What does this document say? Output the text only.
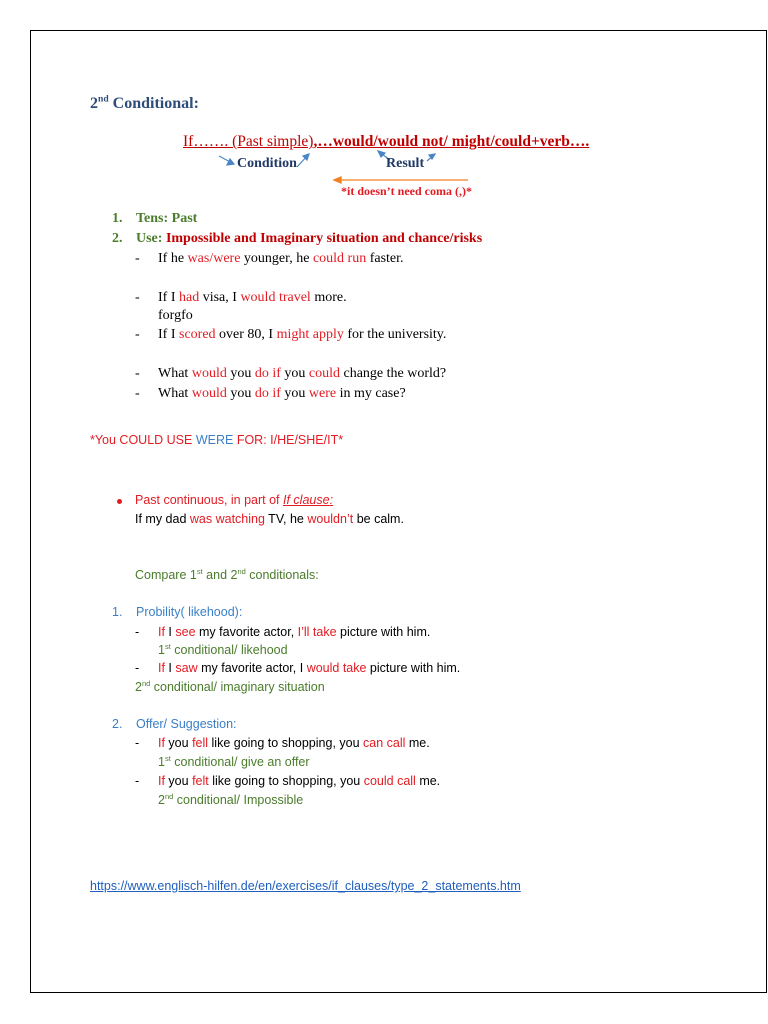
2nd Conditional:
If……. (Past simple),…would/would not/ might/could+verb….
Condition	Result
*it doesn’t need coma (,)*
1. Tens: Past
2. Use: Impossible and Imaginary situation and chance/risks
- If he was/were younger, he could run faster.
- If I had visa, I would travel more.
forgfo
- If I scored over 80, I might apply for the university.
- What would you do if you could change the world?
- What would you do if you were in my case?
*You COULD USE WERE FOR: I/HE/SHE/IT*
Past continuous, in part of If clause:
If my dad was watching TV, he wouldn’t be calm.
Compare 1st and 2nd conditionals:
1. Probility( likehood):
- If I see my favorite actor, I’ll take picture with him.
1st conditional/ likehood
- If I saw my favorite actor, I would take picture with him.
2nd conditional/ imaginary situation
2. Offer/ Suggestion:
- If you fell like going to shopping, you can call me.
1st conditional/ give an offer
- If you felt like going to shopping, you could call me.
2nd conditional/ Impossible
https://www.englisch-hilfen.de/en/exercises/if_clauses/type_2_statements.htm
